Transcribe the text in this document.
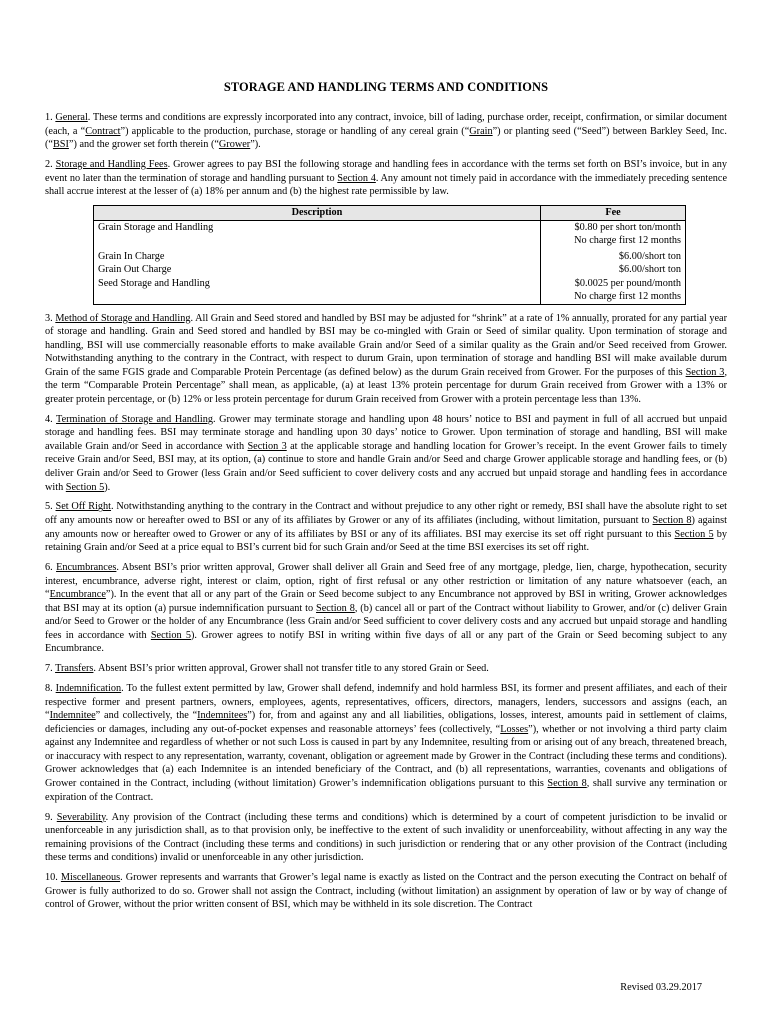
STORAGE AND HANDLING TERMS AND CONDITIONS

1. General. These terms and conditions are expressly incorporated into any contract, invoice, bill of lading, purchase order, receipt, confirmation, or similar document (each, a “Contract”) applicable to the production, purchase, storage or handling of any cereal grain (“Grain”) or planting seed (“Seed”) between Barkley Seed, Inc. (“BSI”) and the grower set forth therein (“Grower”).

2. Storage and Handling Fees. Grower agrees to pay BSI the following storage and handling fees in accordance with the terms set forth on BSI’s invoice, but in any event no later than the termination of storage and handling pursuant to Section 4. Any amount not timely paid in accordance with the immediately preceding sentence shall accrue interest at the lesser of (a) 18% per annum and (b) the highest rate permissible by law.

Description	Fee
Grain Storage and Handling	$0.80 per short ton/month
No charge first 12 months

Grain In Charge	$6.00/short ton
Grain Out Charge	$6.00/short ton
Seed Storage and Handling	$0.0025 per pound/month
No charge first 12 months

3. Method of Storage and Handling. All Grain and Seed stored and handled by BSI may be adjusted for “shrink” at a rate of 1% annually, prorated for any partial year of storage and handling. Grain and Seed stored and handled by BSI may be co-mingled with Grain or Seed of similar quality. Upon termination of storage and handling, BSI will use commercially reasonable efforts to make available Grain and/or Seed of a similar quality as the Grain and/or Seed received from Grower. Notwithstanding anything to the contrary in the Contract, with respect to durum Grain, upon termination of storage and handling BSI will make available durum Grain of the same FGIS grade and Comparable Protein Percentage (as defined below) as the durum Grain received from Grower. For the purposes of this Section 3, the term “Comparable Protein Percentage” shall mean, as applicable, (a) at least 13% protein percentage for durum Grain received from Grower with a 13% or greater protein percentage, or (b) 12% or less protein percentage for durum Grain received from Grower with a protein percentage less than 13%.

4. Termination of Storage and Handling. Grower may terminate storage and handling upon 48 hours’ notice to BSI and payment in full of all accrued but unpaid storage and handling fees. BSI may terminate storage and handling upon 30 days’ notice to Grower. Upon termination of storage and handling, BSI will make available Grain and/or Seed in accordance with Section 3 at the applicable storage and handling location for Grower’s receipt. In the event Grower fails to timely receive Grain and/or Seed, BSI may, at its option, (a) continue to store and handle Grain and/or Seed and charge Grower applicable storage and handling fees, or (b) deliver Grain and/or Seed to Grower (less Grain and/or Seed sufficient to cover delivery costs and any accrued but unpaid storage and handling fees in accordance with Section 5).

5. Set Off Right. Notwithstanding anything to the contrary in the Contract and without prejudice to any other right or remedy, BSI shall have the absolute right to set off any amounts now or hereafter owed to BSI or any of its affiliates by Grower or any of its affiliates (including, without limitation, pursuant to Section 8) against any amounts now or hereafter owed to Grower or any of its affiliates by BSI or any of its affiliates. BSI may exercise its set off right pursuant to this Section 5 by retaining Grain and/or Seed at a price equal to BSI’s current bid for such Grain and/or Seed at the time BSI exercises its set off right.

6. Encumbrances. Absent BSI’s prior written approval, Grower shall deliver all Grain and Seed free of any mortgage, pledge, lien, charge, hypothecation, security interest, encumbrance, adverse right, interest or claim, option, right of first refusal or any other restriction or limitation of any nature whatsoever (each, an “Encumbrance”). In the event that all or any part of the Grain or Seed become subject to any Encumbrance not approved by BSI in writing, Grower acknowledges that BSI may at its option (a) pursue indemnification pursuant to Section 8, (b) cancel all or part of the Contract without liability to Grower, and/or (c) deliver Grain and/or Seed to Grower or the holder of any Encumbrance (less Grain and/or Seed sufficient to cover delivery costs and any accrued but unpaid storage and handling fees in accordance with Section 5). Grower agrees to notify BSI in writing within five days of all or any part of the Grain or Seed becoming subject to any Encumbrance.

7. Transfers. Absent BSI’s prior written approval, Grower shall not transfer title to any stored Grain or Seed.

8. Indemnification. To the fullest extent permitted by law, Grower shall defend, indemnify and hold harmless BSI, its former and present affiliates, and each of their respective former and present partners, owners, employees, agents, representatives, officers, directors, managers, lenders, successors and assigns (each, an “Indemnitee” and collectively, the “Indemnitees”) for, from and against any and all liabilities, obligations, losses, interest, amounts paid in settlement of claims, deficiencies or damages, including any out-of-pocket expenses and reasonable attorneys’ fees (collectively, “Losses”), whether or not involving a third party claim against any Indemnitee and regardless of whether or not such Loss is caused in part by any Indemnitee, resulting from or arising out of any breach, threatened breach, or inaccuracy with respect to any representation, warranty, covenant, obligation or agreement made by Grower in the Contract (including these terms and conditions). Grower acknowledges that (a) each Indemnitee is an intended beneficiary of the Contract, and (b) all representations, warranties, covenants and obligations of Grower contained in the Contract, including (without limitation) Grower’s indemnification obligations pursuant to this Section 8, shall survive any termination or expiration of the Contract.

9. Severability. Any provision of the Contract (including these terms and conditions) which is determined by a court of competent jurisdiction to be invalid or unenforceable in any jurisdiction shall, as to that provision only, be ineffective to the extent of such invalidity or unenforceability, without affecting in any way the remaining provisions of the Contract (including these terms and conditions) in such jurisdiction or rendering that or any other provision of the Contract (including these terms and conditions) invalid or unenforceable in any other jurisdiction.

10. Miscellaneous. Grower represents and warrants that Grower’s legal name is exactly as listed on the Contract and the person executing the Contract on behalf of Grower is fully authorized to do so. Grower shall not assign the Contract, including (without limitation) an assignment by operation of law or by way of change of control of Grower, without the prior written consent of BSI, which may be withheld in its sole discretion. The Contract

Revised 03.29.2017
